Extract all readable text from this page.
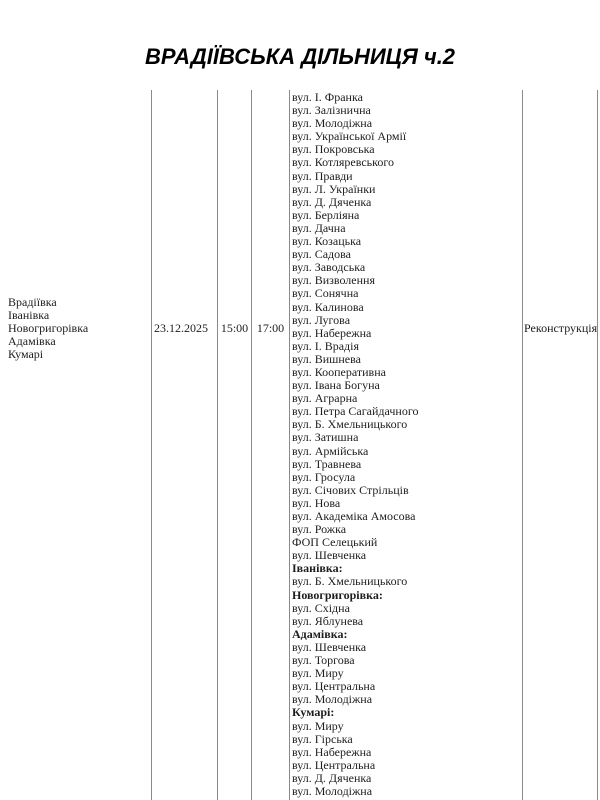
ВРАДІЇВСЬКА ДІЛЬНИЦЯ ч.2
Врадіївка
Іванівка
Новогригорівка
Адамівка
Кумарі
23.12.2025 15:00 17:00
вул. І. Франка
вул. Залізнична
вул. Молодіжна
вул. Української Армії
вул. Покровська
вул. Котляревського
вул. Правди
вул. Л. Українки
вул. Д. Дяченка
вул. Берліяна
вул. Дачна
вул. Козацька
вул. Садова
вул. Заводська
вул. Визволення
вул. Сонячна
вул. Калинова
вул. Лугова
вул. Набережна
вул. І. Врадія
вул. Вишнева
вул. Кооперативна
вул. Івана Богуна
вул. Аграрна
вул. Петра Сагайдачного
вул. Б. Хмельницького
вул. Затишна
вул. Армійська
вул. Травнева
вул. Гросула
вул. Січових Стрільців
вул. Нова
вул. Академіка Амосова
вул. Рожка
ФОП Селецький
вул. Шевченка
Іванівка:
вул. Б. Хмельницького
Новогригорівка:
вул. Східна
вул. Яблунева
Адамівка:
вул. Шевченка
вул. Торгова
вул. Миру
вул. Центральна
вул. Молодіжна
Кумарі:
вул. Миру
вул. Гірська
вул. Набережна
вул. Центральна
вул. Д. Дяченка
вул. Молодіжна
Реконструкція
